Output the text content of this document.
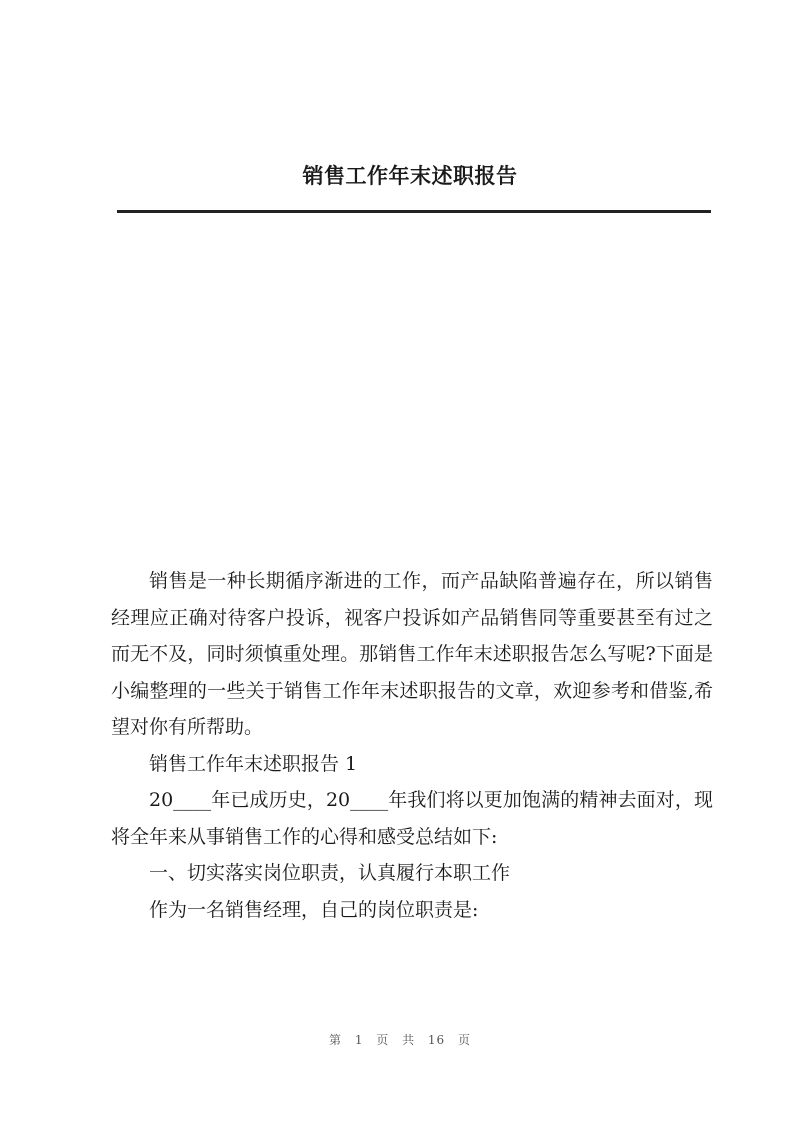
销售工作年末述职报告

销售是一种长期循序渐进的工作，而产品缺陷普遍存在，所以销售经理应正确对待客户投诉，视客户投诉如产品销售同等重要甚至有过之而无不及，同时须慎重处理。那销售工作年末述职报告怎么写呢?下面是小编整理的一些关于销售工作年末述职报告的文章，欢迎参考和借鉴,希望对你有所帮助。

销售工作年末述职报告 1

20____年已成历史，20____年我们将以更加饱满的精神去面对，现将全年来从事销售工作的心得和感受总结如下:

一、切实落实岗位职责，认真履行本职工作

作为一名销售经理，自己的岗位职责是:

第 1 页 共 16 页
